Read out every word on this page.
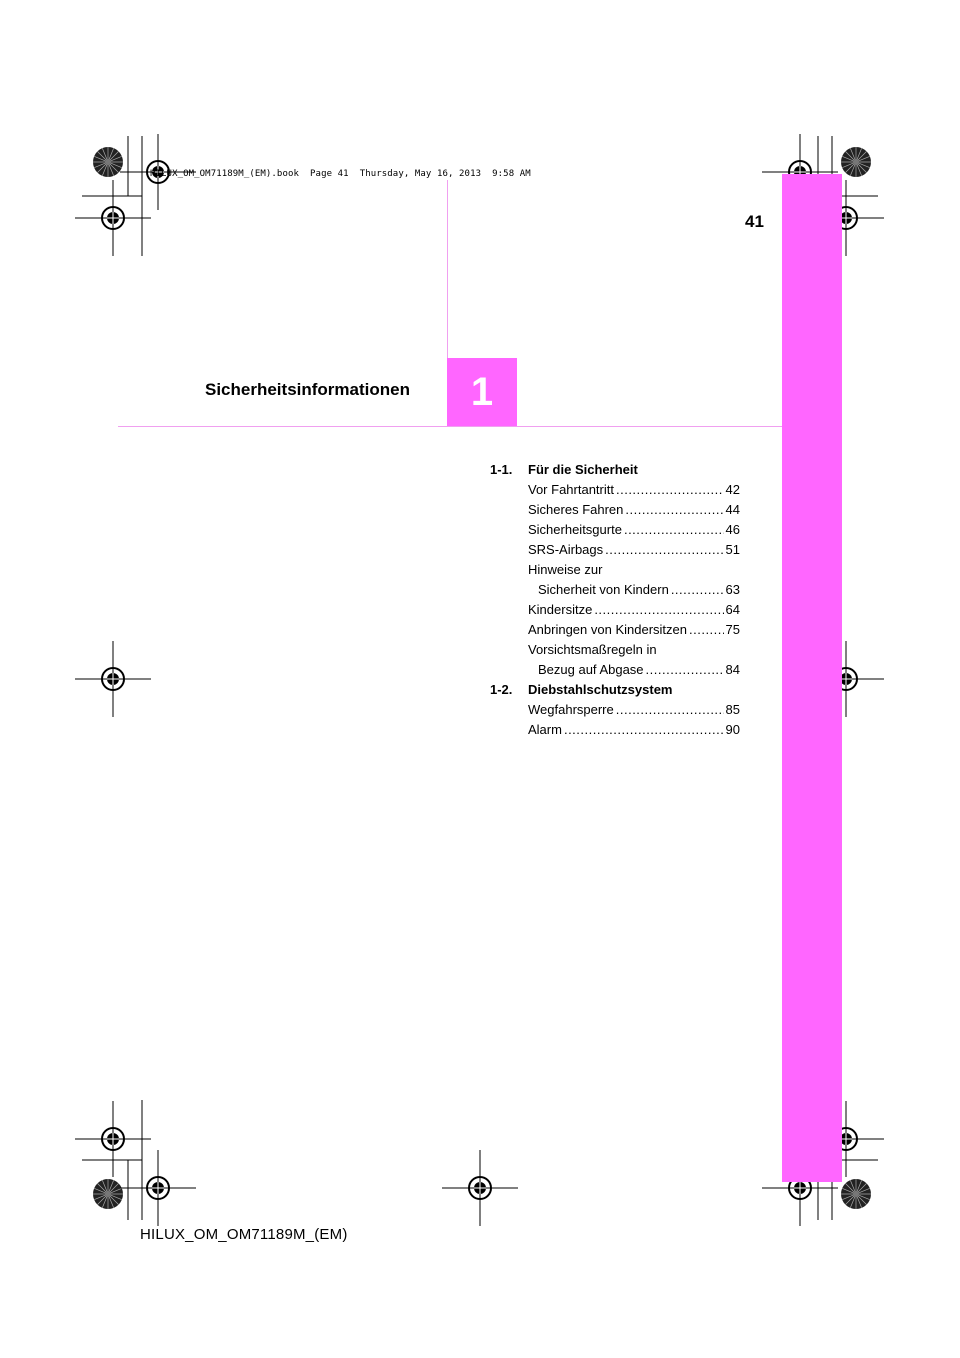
HILUX_OM_OM71189M_(EM).book  Page 41  Thursday, May 16, 2013  9:58 AM
41
Sicherheitsinformationen 1
1-1.	Für die Sicherheit
Vor Fahrtantritt .....	42
Sicheres Fahren .....	44
Sicherheitsgurte .....	46
SRS-Airbags .....	51
Hinweise zur
Sicherheit von Kindern .....	63
Kindersitze .....	64
Anbringen von Kindersitzen .....	75
Vorsichtsmaßregeln in
Bezug auf Abgase .....	84
1-2.	Diebstahlschutzsystem
Wegfahrsperre .....	85
Alarm .....	90
HILUX_OM_OM71189M_(EM)
